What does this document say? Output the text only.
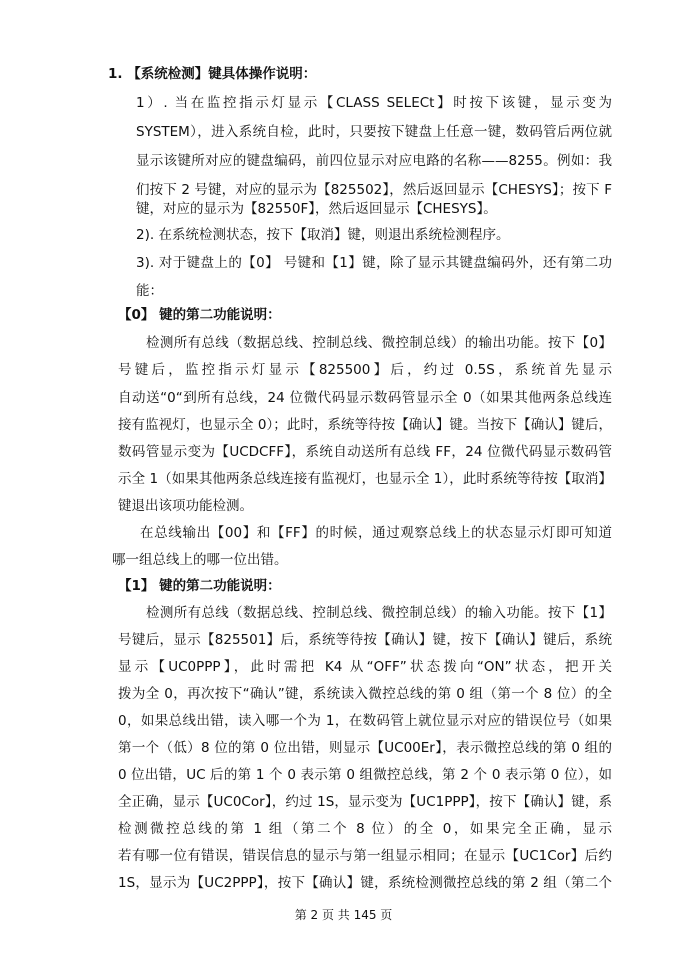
1. 【系统检测】键具体操作说明：
1）. 当在监控指示灯显示【CLASS SELECt】时按下该键，显示变为
SYSTEM），进入系统自检，此时，只要按下键盘上任意一键，数码管后两位就
显示该键所对应的键盘编码，前四位显示对应电路的名称——8255。例如：我
们按下 2 号键，对应的显示为【825502】，然后返回显示【CHESYS】；按下 F
键，对应的显示为【82550F】，然后返回显示【CHESYS】。
2). 在系统检测状态，按下【取消】键，则退出系统检测程序。
3). 对于键盘上的【0】 号键和【1】键，除了显示其键盘编码外，还有第二功
能：
【0】 键的第二功能说明：
检测所有总线（数据总线、控制总线、微控制总线）的输出功能。按下【0】
号键后，监控指示灯显示【825500】后，约过 0.5S，系统首先显示
自动送“0“到所有总线，24 位微代码显示数码管显示全 0（如果其他两条总线连
接有监视灯，也显示全 0）；此时，系统等待按【确认】键。当按下【确认】键后，
数码管显示变为【UCDCFF】，系统自动送所有总线 FF，24 位微代码显示数码管
示全 1（如果其他两条总线连接有监视灯，也显示全 1），此时系统等待按【取消】
键退出该项功能检测。
在总线输出【00】和【FF】的时候，通过观察总线上的状态显示灯即可知道
哪一组总线上的哪一位出错。
【1】 键的第二功能说明：
检测所有总线（数据总线、控制总线、微控制总线）的输入功能。按下【1】
号键后，显示【825501】后，系统等待按【确认】键，按下【确认】键后，系统
显示【UC0PPP】，此时需把 K4 从“OFF”状态拨向“ON”状态，把开关
拨为全 0，再次按下“确认”键，系统读入微控总线的第 0 组（第一个 8 位）的全
0，如果总线出错，读入哪一个为 1，在数码管上就位显示对应的错误位号（如果
第一个（低）8 位的第 0 位出错，则显示【UC00Er】，表示微控总线的第 0 组的
0 位出错，UC 后的第 1 个 0 表示第 0 组微控总线，第 2 个 0 表示第 0 位），如
全正确，显示【UC0Cor】，约过 1S，显示变为【UC1PPP】，按下【确认】键，系
检测微控总线的第 1 组（第二个 8 位）的全 0，如果完全正确，显示
若有哪一位有错误，错误信息的显示与第一组显示相同；在显示【UC1Cor】后约
1S，显示为【UC2PPP】，按下【确认】键，系统检测微控总线的第 2 组（第二个
第 2 页 共 145 页
